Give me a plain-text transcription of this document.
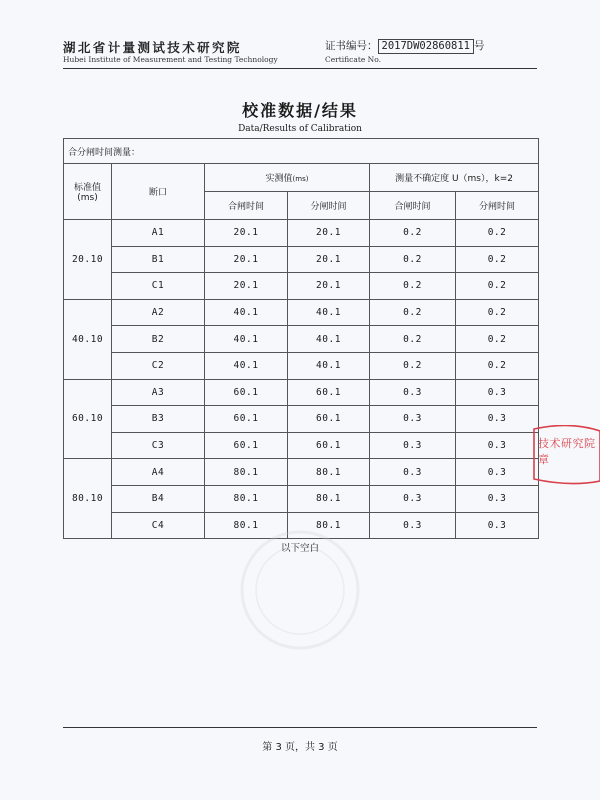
湖北省计量测试技术研究院
Hubei Institute of Measurement and Testing Technology
证书编号： 2017DW02860811 号
Certificate No.
校准数据/结果
Data/Results of Calibration
合分闸时间测量：					
标准值
(ms)	断口	实测值(ms)		测量不确定度 U（ms），k=2	
		合闸时间	分闸时间	合闸时间	分闸时间
20.10	A1	20.1	20.1	0.2	0.2
	B1	20.1	20.1	0.2	0.2
	C1	20.1	20.1	0.2	0.2
40.10	A2	40.1	40.1	0.2	0.2
	B2	40.1	40.1	0.2	0.2
	C2	40.1	40.1	0.2	0.2
60.10	A3	60.1	60.1	0.3	0.3
	B3	60.1	60.1	0.3	0.3
	C3	60.1	60.1	0.3	0.3
80.10	A4	80.1	80.1	0.3	0.3
	B4	80.1	80.1	0.3	0.3
	C4	80.1	80.1	0.3	0.3
以下空白
技术研究院
章
第 3 页，共 3 页
